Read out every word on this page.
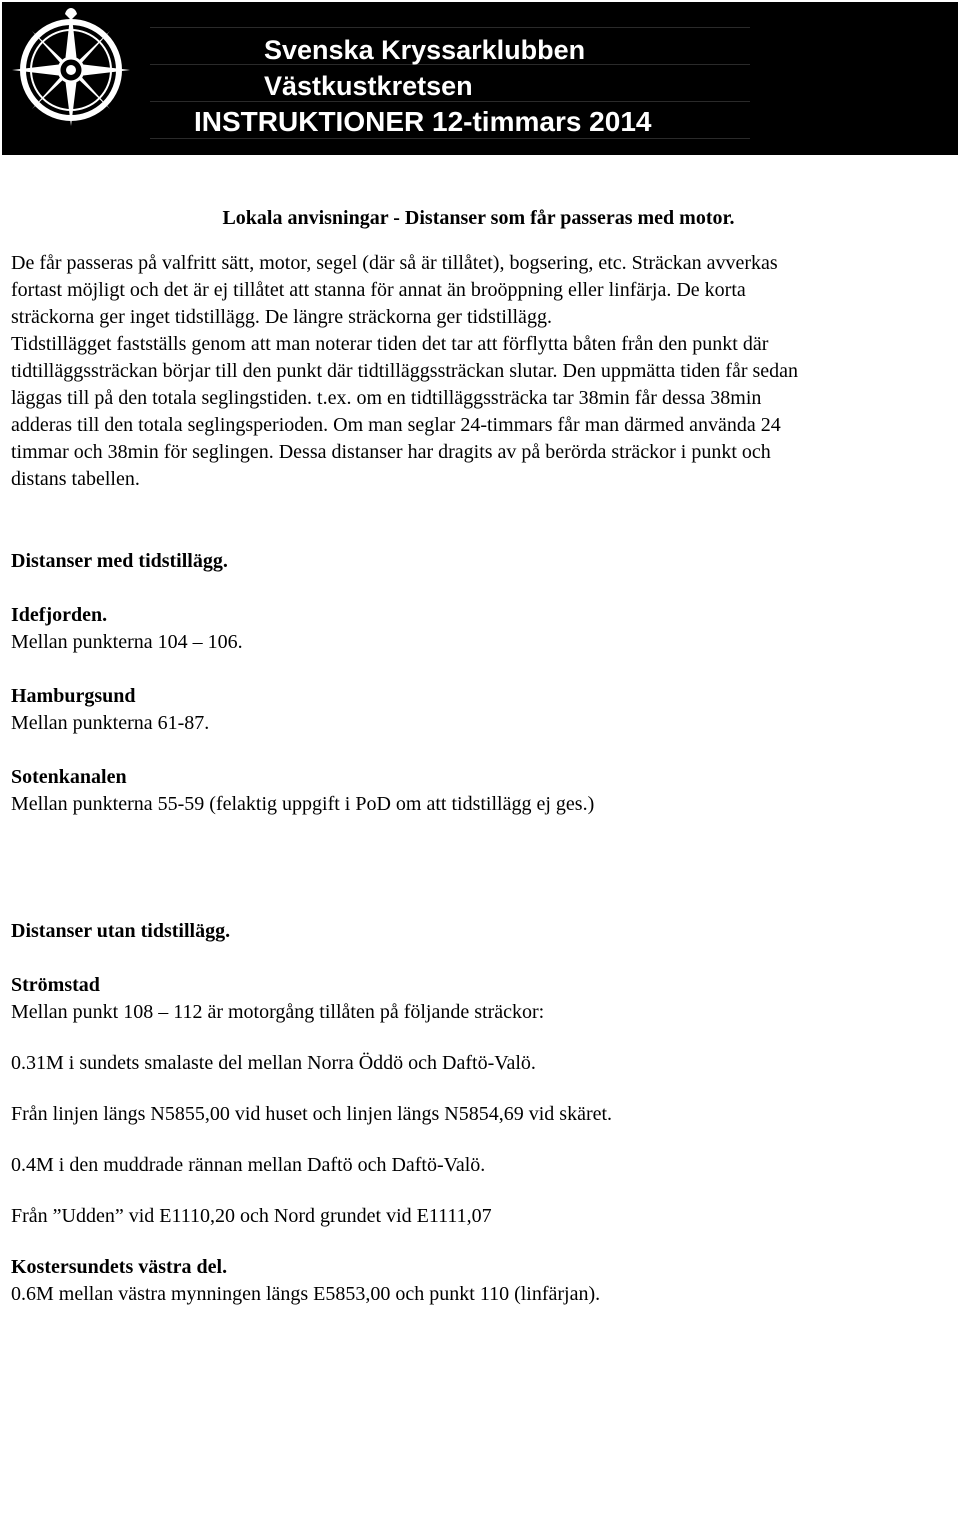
Svenska Kryssarklubben
Västkustkretsen
INSTRUKTIONER 12-timmars 2014

Lokala anvisningar - Distanser som får passeras med motor.

De får passeras på valfritt sätt, motor, segel (där så är tillåtet), bogsering, etc. Sträckan avverkas
fortast möjligt och det är ej tillåtet att stanna för annat än broöppning eller linfärja. De korta
sträckorna ger inget tidstillägg. De längre sträckorna ger tidstillägg.
Tidstillägget fastställs genom att man noterar tiden det tar att förflytta båten från den punkt där
tidtilläggssträckan börjar till den punkt där tidtilläggssträckan slutar. Den uppmätta tiden får sedan
läggas till på den totala seglingstiden. t.ex. om en tidtilläggssträcka tar 38min får dessa 38min
adderas till den totala seglingsperioden. Om man seglar 24-timmars får man därmed använda 24
timmar och 38min för seglingen. Dessa distanser har dragits av på berörda sträckor i punkt och
distans tabellen.
Distanser med tidstillägg.
Idefjorden.
Mellan punkterna 104 – 106.
Hamburgsund
Mellan punkterna 61-87.
Sotenkanalen
Mellan punkterna 55-59 (felaktig uppgift i PoD om att tidstillägg ej ges.)
Distanser utan tidstillägg.
Strömstad
Mellan punkt 108 – 112 är motorgång tillåten på följande sträckor:
0.31M i sundets smalaste del mellan Norra Öddö och Daftö-Valö.
Från linjen längs N5855,00 vid huset och linjen längs N5854,69 vid skäret.
0.4M i den muddrade rännan mellan Daftö och Daftö-Valö.
Från ”Udden” vid E1110,20 och Nord grundet vid E1111,07
Kostersundets västra del.
0.6M mellan västra mynningen längs E5853,00 och punkt 110 (linfärjan).
